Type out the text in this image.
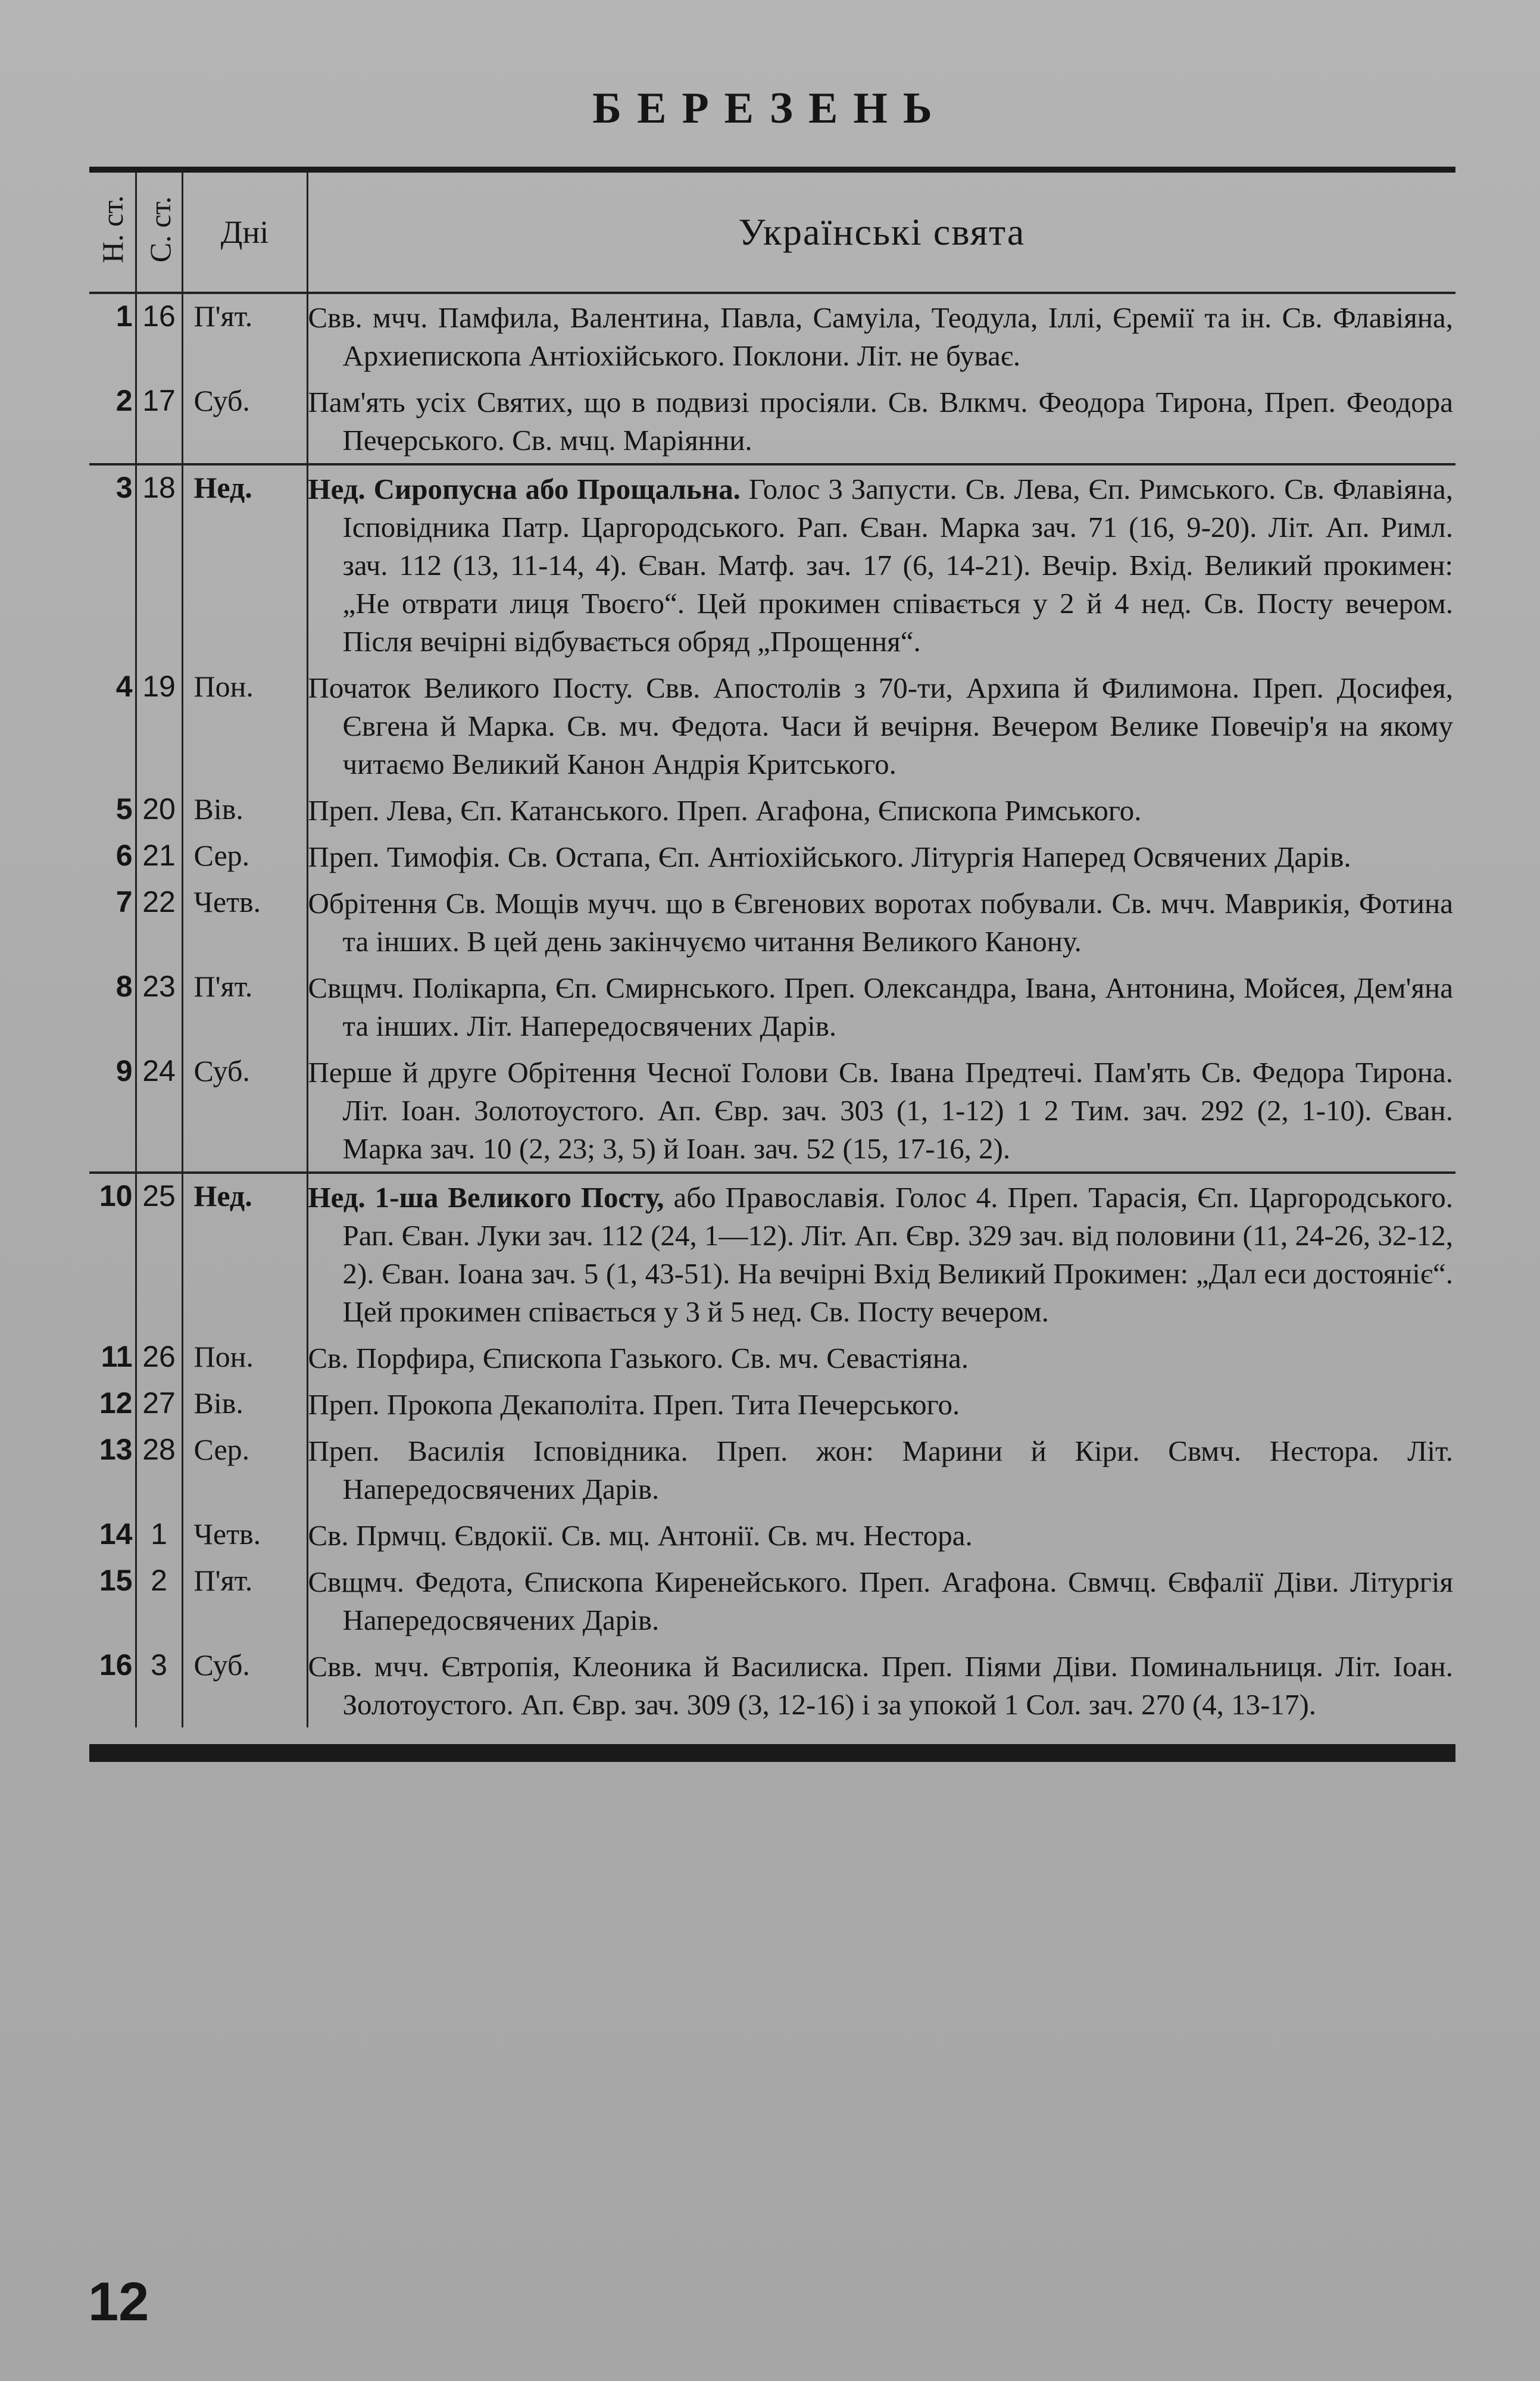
БЕРЕЗЕНЬ
Н. ст.	С. ст.	Дні	Українські свята
1	16	П'ят.	Свв. мчч. Памфила, Валентина, Павла, Самуіла, Теодула, Іллі, Єремії та ін. Св. Флавіяна, Архиепископа Антіохійського. Поклони. Літ. не буває.
2	17	Суб.	Пам'ять усіх Святих, що в подвизі просіяли. Св. Влкмч. Феодора Тирона, Преп. Феодора Печерського. Св. мчц. Маріянни.
3	18	Нед.	Нед. Сиропусна або Прощальна. Голос 3 Запусти. Св. Лева, Єп. Римського. Св. Флавіяна, Ісповідника Патр. Царгородського. Рап. Єван. Марка зач. 71 (16, 9-20). Літ. Ап. Римл. зач. 112 (13, 11-14, 4). Єван. Матф. зач. 17 (6, 14-21). Вечір. Вхід. Великий прокимен: „Не отврати лиця Твоєго“. Цей прокимен співається у 2 й 4 нед. Св. Посту вечером. Після вечірні відбувається обряд „Прощення“.
4	19	Пон.	Початок Великого Посту. Свв. Апостолів з 70-ти, Архипа й Филимона. Преп. Досифея, Євгена й Марка. Св. мч. Федота. Часи й вечірня. Вечером Велике Повечір'я на якому читаємо Великий Канон Андрія Критського.
5	20	Вів.	Преп. Лева, Єп. Катанського. Преп. Агафона, Єпископа Римського.
6	21	Сер.	Преп. Тимофія. Св. Остапа, Єп. Антіохійського. Літургія Наперед Освячених Дарів.
7	22	Четв.	Обрітення Св. Мощів мучч. що в Євгенових воротах побували. Св. мчч. Маврикія, Фотина та інших. В цей день закінчуємо читання Великого Канону.
8	23	П'ят.	Свщмч. Полікарпа, Єп. Смирнського. Преп. Олександра, Івана, Антонина, Мойсея, Дем'яна та інших. Літ. Напередосвячених Дарів.
9	24	Суб.	Перше й друге Обрітення Чесної Голови Св. Івана Предтечі. Пам'ять Св. Федора Тирона. Літ. Іоан. Золотоустого. Ап. Євр. зач. 303 (1, 1-12) 1 2 Тим. зач. 292 (2, 1-10). Єван. Марка зач. 10 (2, 23; 3, 5) й Іоан. зач. 52 (15, 17-16, 2).
10	25	Нед.	Нед. 1-ша Великого Посту, або Православія. Голос 4. Преп. Тарасія, Єп. Царгородського. Рап. Єван. Луки зач. 112 (24, 1—12). Літ. Ап. Євр. 329 зач. від половини (11, 24-26, 32-12, 2). Єван. Іоана зач. 5 (1, 43-51). На вечірні Вхід Великий Прокимен: „Дал еси достояніє“. Цей прокимен співається у 3 й 5 нед. Св. Посту вечером.
11	26	Пон.	Св. Порфира, Єпископа Газького. Св. мч. Севастіяна.
12	27	Вів.	Преп. Прокопа Декаполіта. Преп. Тита Печерського.
13	28	Сер.	Преп. Василія Ісповідника. Преп. жон: Марини й Кіри. Свмч. Нестора. Літ. Напередосвячених Дарів.
14	1	Четв.	Св. Прмчц. Євдокії. Св. мц. Антонії. Св. мч. Нестора.
15	2	П'ят.	Свщмч. Федота, Єпископа Киренейського. Преп. Агафона. Свмчц. Євфалії Діви. Літургія Напередосвячених Дарів.
16	3	Суб.	Свв. мчч. Євтропія, Клеоника й Василиска. Преп. Піями Діви. Поминальниця. Літ. Іоан. Золотоустого. Ап. Євр. зач. 309 (3, 12-16) і за упокой 1 Сол. зач. 270 (4, 13-17).
12
